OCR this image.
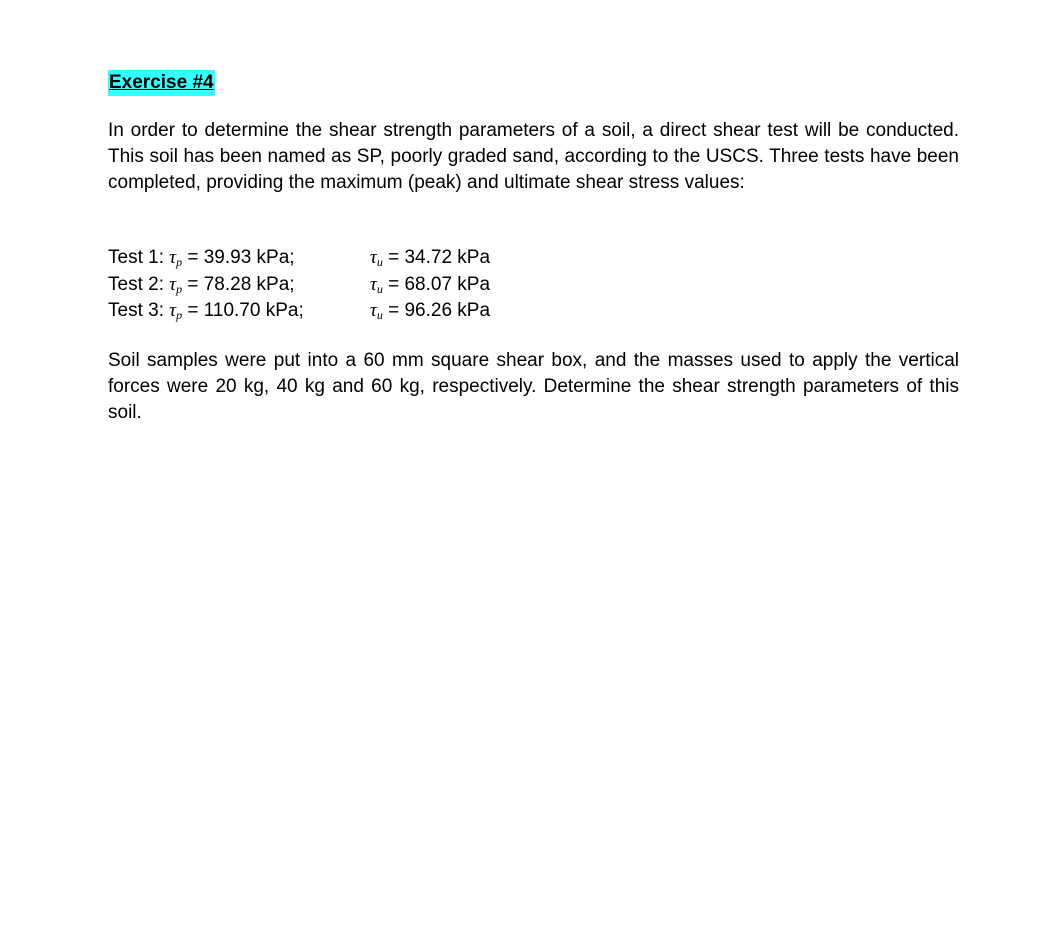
Exercise #4

In order to determine the shear strength parameters of a soil, a direct shear test will be conducted. This soil has been named as SP, poorly graded sand, according to the USCS. Three tests have been completed, providing the maximum (peak) and ultimate shear stress values:

Test 1: $\tau_p = 39.93$ kPa;	$\tau_u = 34.72$ kPa
Test 2: $\tau_p = 78.28$ kPa;	$\tau_u = 68.07$ kPa
Test 3: $\tau_p = 110.70$ kPa;	$\tau_u = 96.26$ kPa

Soil samples were put into a 60 mm square shear box, and the masses used to apply the vertical forces were 20 kg, 40 kg and 60 kg, respectively. Determine the shear strength parameters of this soil.
